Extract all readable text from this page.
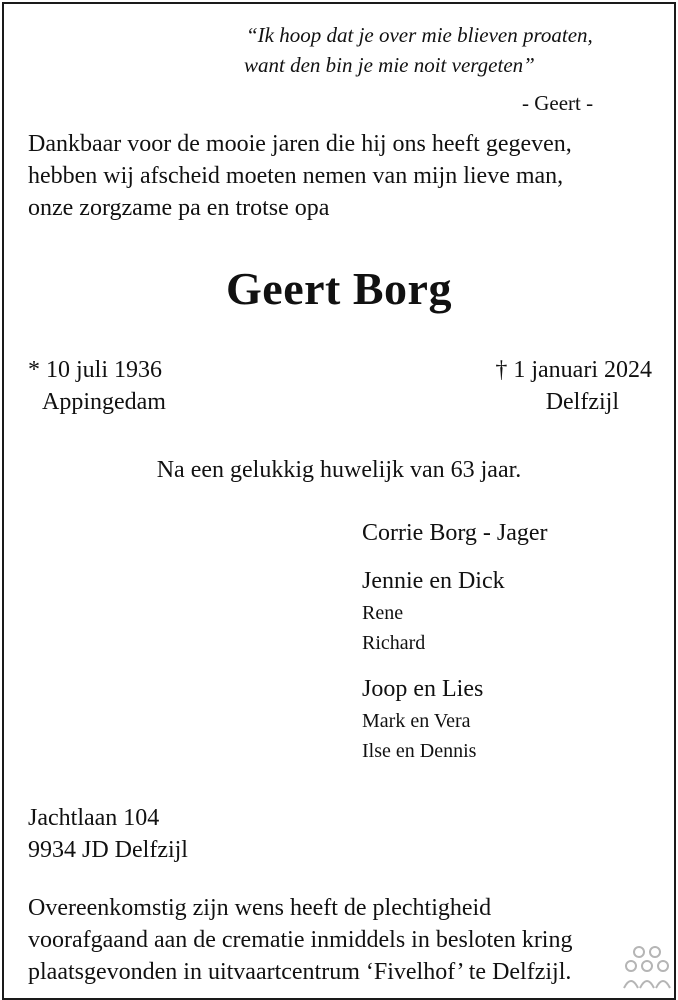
“Ik hoop dat je over mie blieven proaten,
want den bin je mie noit vergeten”
- Geert -
Dankbaar voor de mooie jaren die hij ons heeft gegeven,
hebben wij afscheid moeten nemen van mijn lieve man,
onze zorgzame pa en trotse opa
Geert Borg
* 10 juli 1936
Appingedam
† 1 januari 2024
Delfzijl
Na een gelukkig huwelijk van 63 jaar.
Corrie Borg - Jager
Jennie en Dick
Rene
Richard
Joop en Lies
Mark en Vera
Ilse en Dennis
Jachtlaan 104
9934 JD Delfzijl
Overeenkomstig zijn wens heeft de plechtigheid
voorafgaand aan de crematie inmiddels in besloten kring
plaatsgevonden in uitvaartcentrum ‘Fivelhof’ te Delfzijl.
